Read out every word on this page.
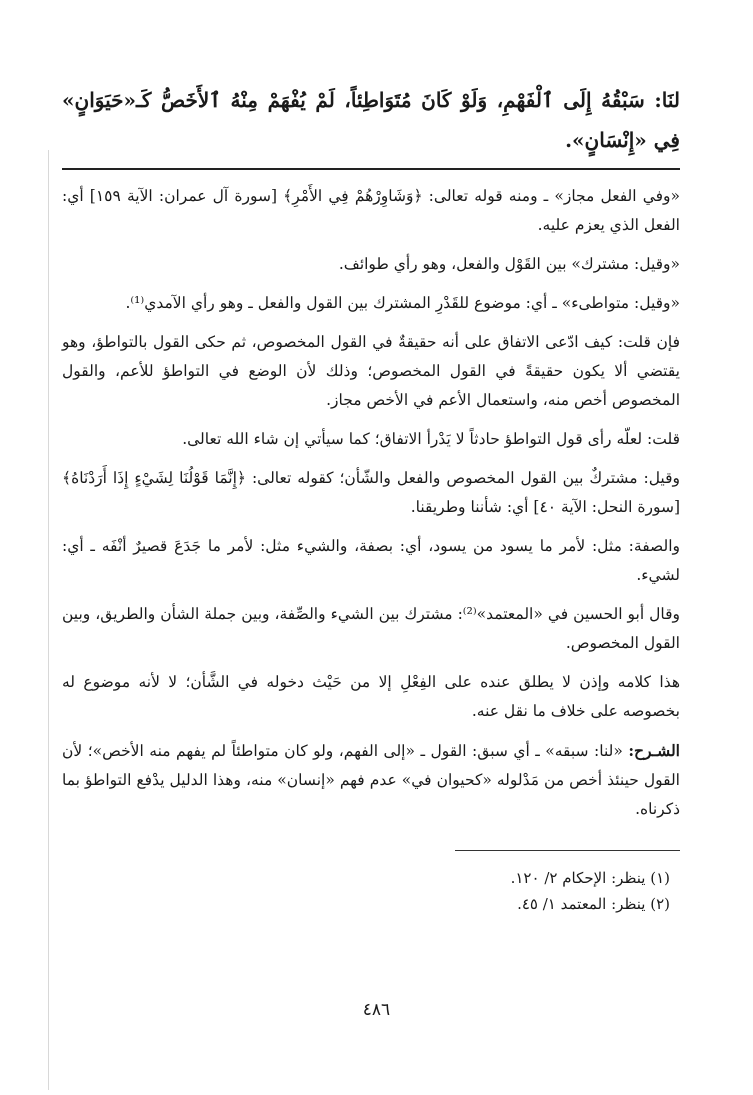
لنَا: سَبْقُهُ إِلَى ٱلْفَهْمِ، وَلَوْ كَانَ مُتَوَاطِئاً، لَمْ يُفْهَمْ مِنْهُ ٱلأَخَصُّ كَـ«حَيَوَانٍ» فِي «إِنْسَانٍ».

«وفي الفعل مجاز» ـ ومنه قوله تعالى: ﴿وَشَاوِرْهُمْ فِي الأَمْرِ﴾ [سورة آل عمران: الآية ١٥٩] أي: الفعل الذي يعزم عليه.

«وقيل: مشترك» بين القَوْل والفعل، وهو رأي طوائف.

«وقيل: متواطىء» ـ أي: موضوع للقَدْرِ المشترك بين القول والفعل ـ وهو رأي الآمدي⁽¹⁾.

فإن قلت: كيف ادّعى الاتفاق على أنه حقيقةٌ في القول المخصوص، ثم حكى القول بالتواطؤ، وهو يقتضي ألا يكون حقيقةً في القول المخصوص؛ وذلك لأن الوضع في التواطؤ للأعم، والقول المخصوص أخص منه، واستعمال الأعم في الأخص مجاز.

قلت: لعلّه رأى قول التواطؤ حادثاً لا يَدْرأ الاتفاق؛ كما سيأتي إن شاء الله تعالى.

وقيل: مشتركٌ بين القول المخصوص والفعل والشّأن؛ كقوله تعالى: ﴿إِنَّمَا قَوْلُنَا لِشَيْءٍ إِذَا أَرَدْنَاهُ﴾ [سورة النحل: الآية ٤٠] أي: شأننا وطريقنا.

والصفة: مثل: لأمر ما يسود من يسود، أي: بصفة، والشيء مثل: لأمر ما جَدَعَ قصيرٌ أنْفَه ـ أي: لشيء.

وقال أبو الحسين في «المعتمد»⁽²⁾: مشترك بين الشيء والصِّفة، وبين جملة الشأن والطريق، وبين القول المخصوص.

هذا كلامه وإذن لا يطلق عنده على الفِعْلِ إلا من حَيْث دخوله في الشَّأن؛ لا لأنه موضوع له بخصوصه على خلاف ما نقل عنه.

الشـرح: «لنا: سبقه» ـ أي سبق: القول ـ «إلى الفهم، ولو كان متواطئاً لم يفهم منه الأخص»؛ لأن القول حينئذ أخص من مَدْلوله «كحيوان في» عدم فهم «إنسان» منه، وهذا الدليل يدْفع التواطؤ بما ذكرناه.

(١) ينظر: الإحكام ٢/ ١٢٠.

(٢) ينظر: المعتمد ١/ ٤٥.

٤٨٦
